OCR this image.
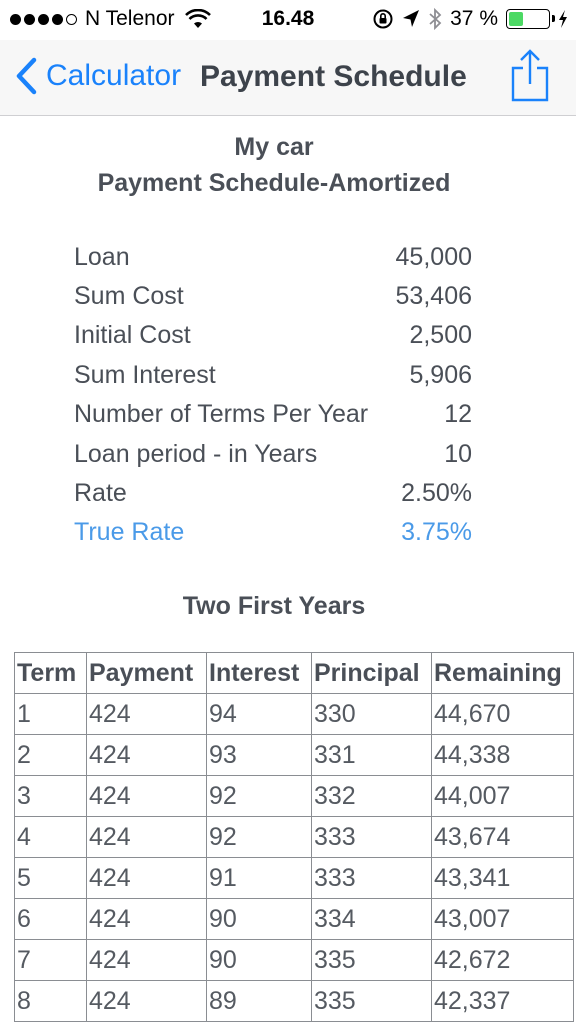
N Telenor	16.48	37 %
Calculator Payment Schedule
My car
Payment Schedule-Amortized
Loan	45,000
Sum Cost	53,406
Initial Cost	2,500
Sum Interest	5,906
Number of Terms Per Year	12
Loan period - in Years	10
Rate	2.50%
True Rate	3.75%
Two First Years
Term	Payment	Interest	Principal	Remaining
1	424	94	330	44,670
2	424	93	331	44,338
3	424	92	332	44,007
4	424	92	333	43,674
5	424	91	333	43,341
6	424	90	334	43,007
7	424	90	335	42,672
8	424	89	335	42,337
